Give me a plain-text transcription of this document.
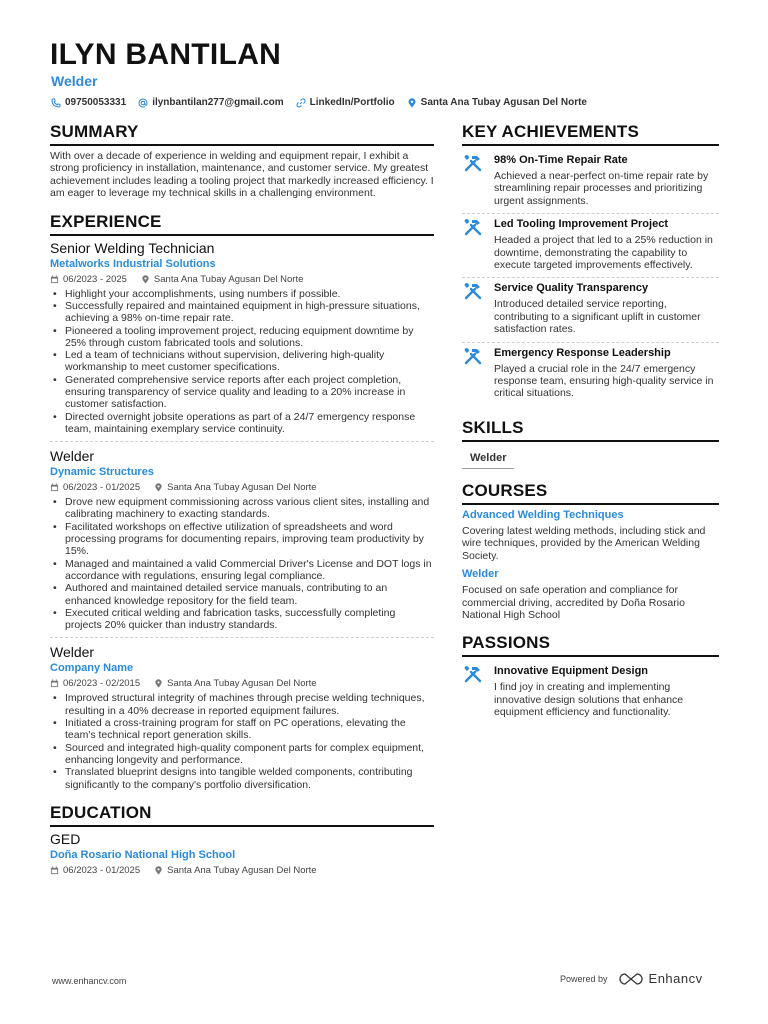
ILYN BANTILAN
Welder
09750053331	ilynbantilan277@gmail.com	LinkedIn/Portfolio	Santa Ana Tubay Agusan Del Norte
SUMMARY
With over a decade of experience in welding and equipment repair, I exhibit a strong proficiency in installation, maintenance, and customer service. My greatest achievement includes leading a tooling project that markedly increased efficiency. I am eager to leverage my technical skills in a challenging environment.
EXPERIENCE
Senior Welding Technician
Metalworks Industrial Solutions
06/2023 - 2025	Santa Ana Tubay Agusan Del Norte
• Highlight your accomplishments, using numbers if possible.
• Successfully repaired and maintained equipment in high-pressure situations, achieving a 98% on-time repair rate.
• Pioneered a tooling improvement project, reducing equipment downtime by 25% through custom fabricated tools and solutions.
• Led a team of technicians without supervision, delivering high-quality workmanship to meet customer specifications.
• Generated comprehensive service reports after each project completion, ensuring transparency of service quality and leading to a 20% increase in customer satisfaction.
• Directed overnight jobsite operations as part of a 24/7 emergency response team, maintaining exemplary service continuity.
Welder
Dynamic Structures
06/2023 - 01/2025	Santa Ana Tubay Agusan Del Norte
• Drove new equipment commissioning across various client sites, installing and calibrating machinery to exacting standards.
• Facilitated workshops on effective utilization of spreadsheets and word processing programs for documenting repairs, improving team productivity by 15%.
• Managed and maintained a valid Commercial Driver's License and DOT logs in accordance with regulations, ensuring legal compliance.
• Authored and maintained detailed service manuals, contributing to an enhanced knowledge repository for the field team.
• Executed critical welding and fabrication tasks, successfully completing projects 20% quicker than industry standards.
Welder
Company Name
06/2023 - 02/2015	Santa Ana Tubay Agusan Del Norte
• Improved structural integrity of machines through precise welding techniques, resulting in a 40% decrease in reported equipment failures.
• Initiated a cross-training program for staff on PC operations, elevating the team's technical report generation skills.
• Sourced and integrated high-quality component parts for complex equipment, enhancing longevity and performance.
• Translated blueprint designs into tangible welded components, contributing significantly to the company's portfolio diversification.
EDUCATION
GED
Doña Rosario National High School
06/2023 - 01/2025	Santa Ana Tubay Agusan Del Norte
KEY ACHIEVEMENTS
98% On-Time Repair Rate
Achieved a near-perfect on-time repair rate by streamlining repair processes and prioritizing urgent assignments.
Led Tooling Improvement Project
Headed a project that led to a 25% reduction in downtime, demonstrating the capability to execute targeted improvements effectively.
Service Quality Transparency
Introduced detailed service reporting, contributing to a significant uplift in customer satisfaction rates.
Emergency Response Leadership
Played a crucial role in the 24/7 emergency response team, ensuring high-quality service in critical situations.
SKILLS
Welder
COURSES
Advanced Welding Techniques
Covering latest welding methods, including stick and wire techniques, provided by the American Welding Society.
Welder
Focused on safe operation and compliance for commercial driving, accredited by Doña Rosario National High School
PASSIONS
Innovative Equipment Design
I find joy in creating and implementing innovative design solutions that enhance equipment efficiency and functionality.
www.enhancv.com	Powered by	Enhancv
